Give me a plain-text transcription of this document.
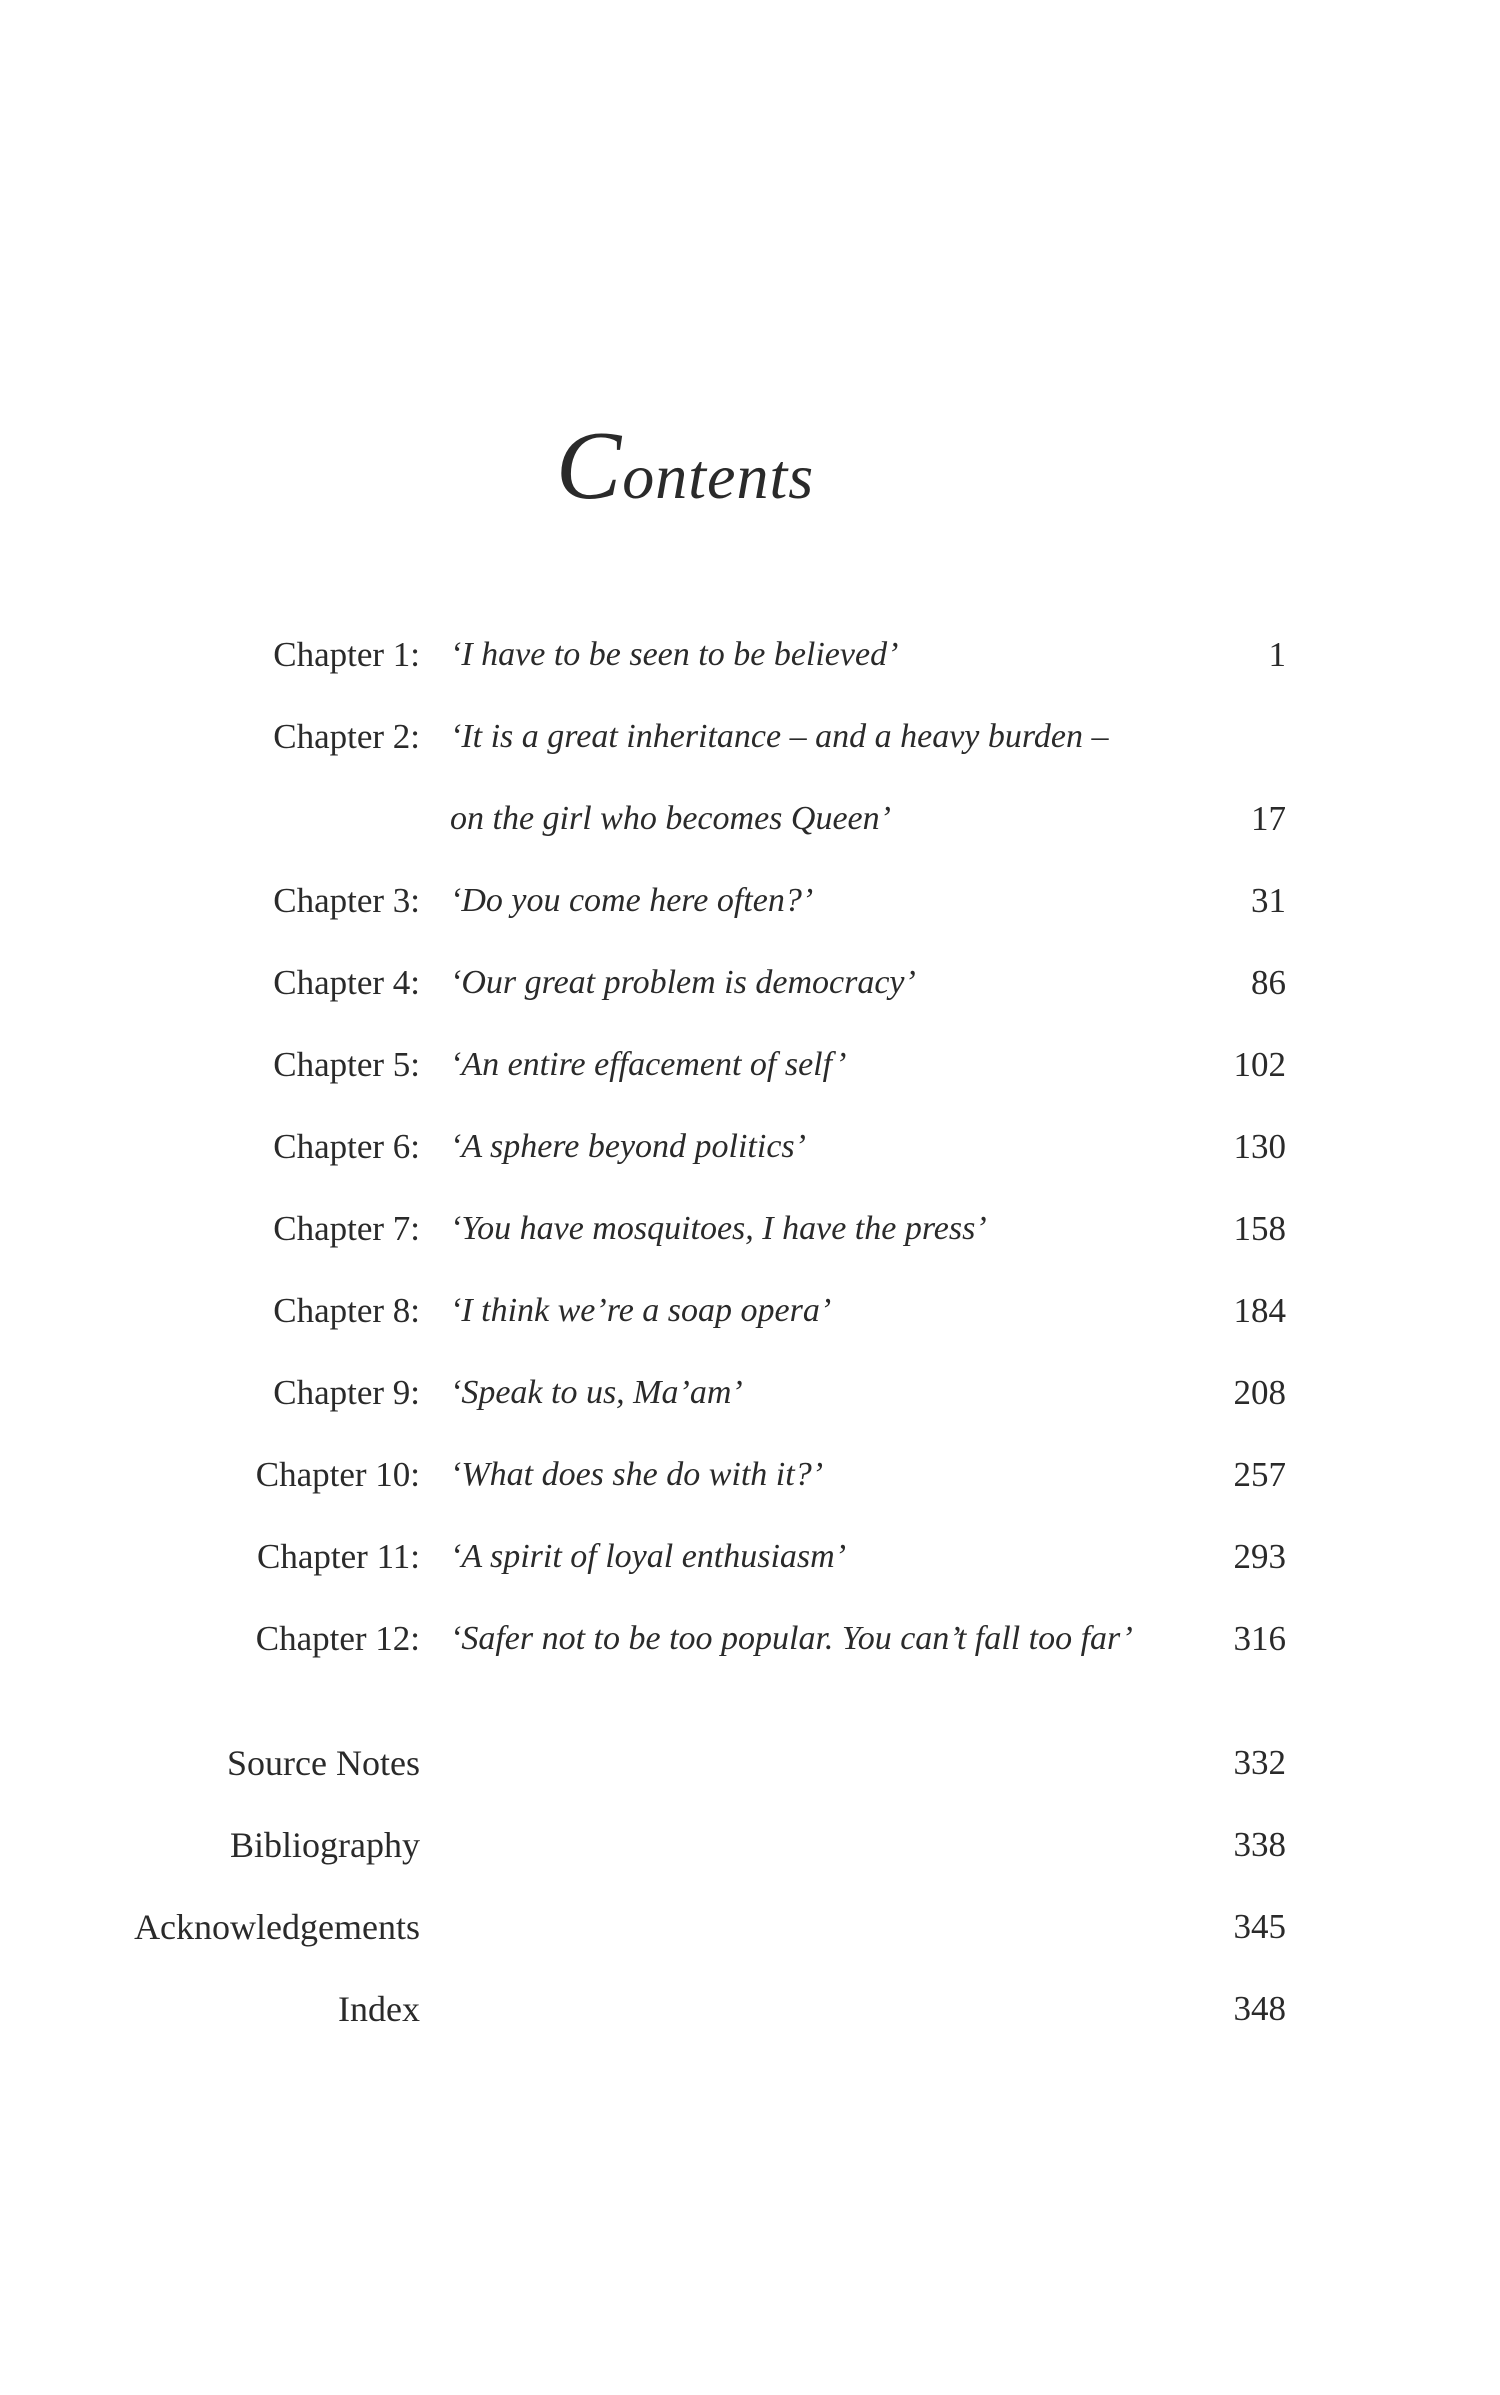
Contents
Chapter 1: ‘I have to be seen to be believed’	1
Chapter 2: ‘It is a great inheritance – and a heavy burden –
on the girl who becomes Queen’	17
Chapter 3: ‘Do you come here often?’	31
Chapter 4: ‘Our great problem is democracy’	86
Chapter 5: ‘An entire effacement of self’	102
Chapter 6: ‘A sphere beyond politics’	130
Chapter 7: ‘You have mosquitoes, I have the press’	158
Chapter 8: ‘I think we’re a soap opera’	184
Chapter 9: ‘Speak to us, Ma’am’	208
Chapter 10: ‘What does she do with it?’	257
Chapter 11: ‘A spirit of loyal enthusiasm’	293
Chapter 12: ‘Safer not to be too popular. You can’t fall too far’	316
Source Notes	332
Bibliography	338
Acknowledgements	345
Index	348
